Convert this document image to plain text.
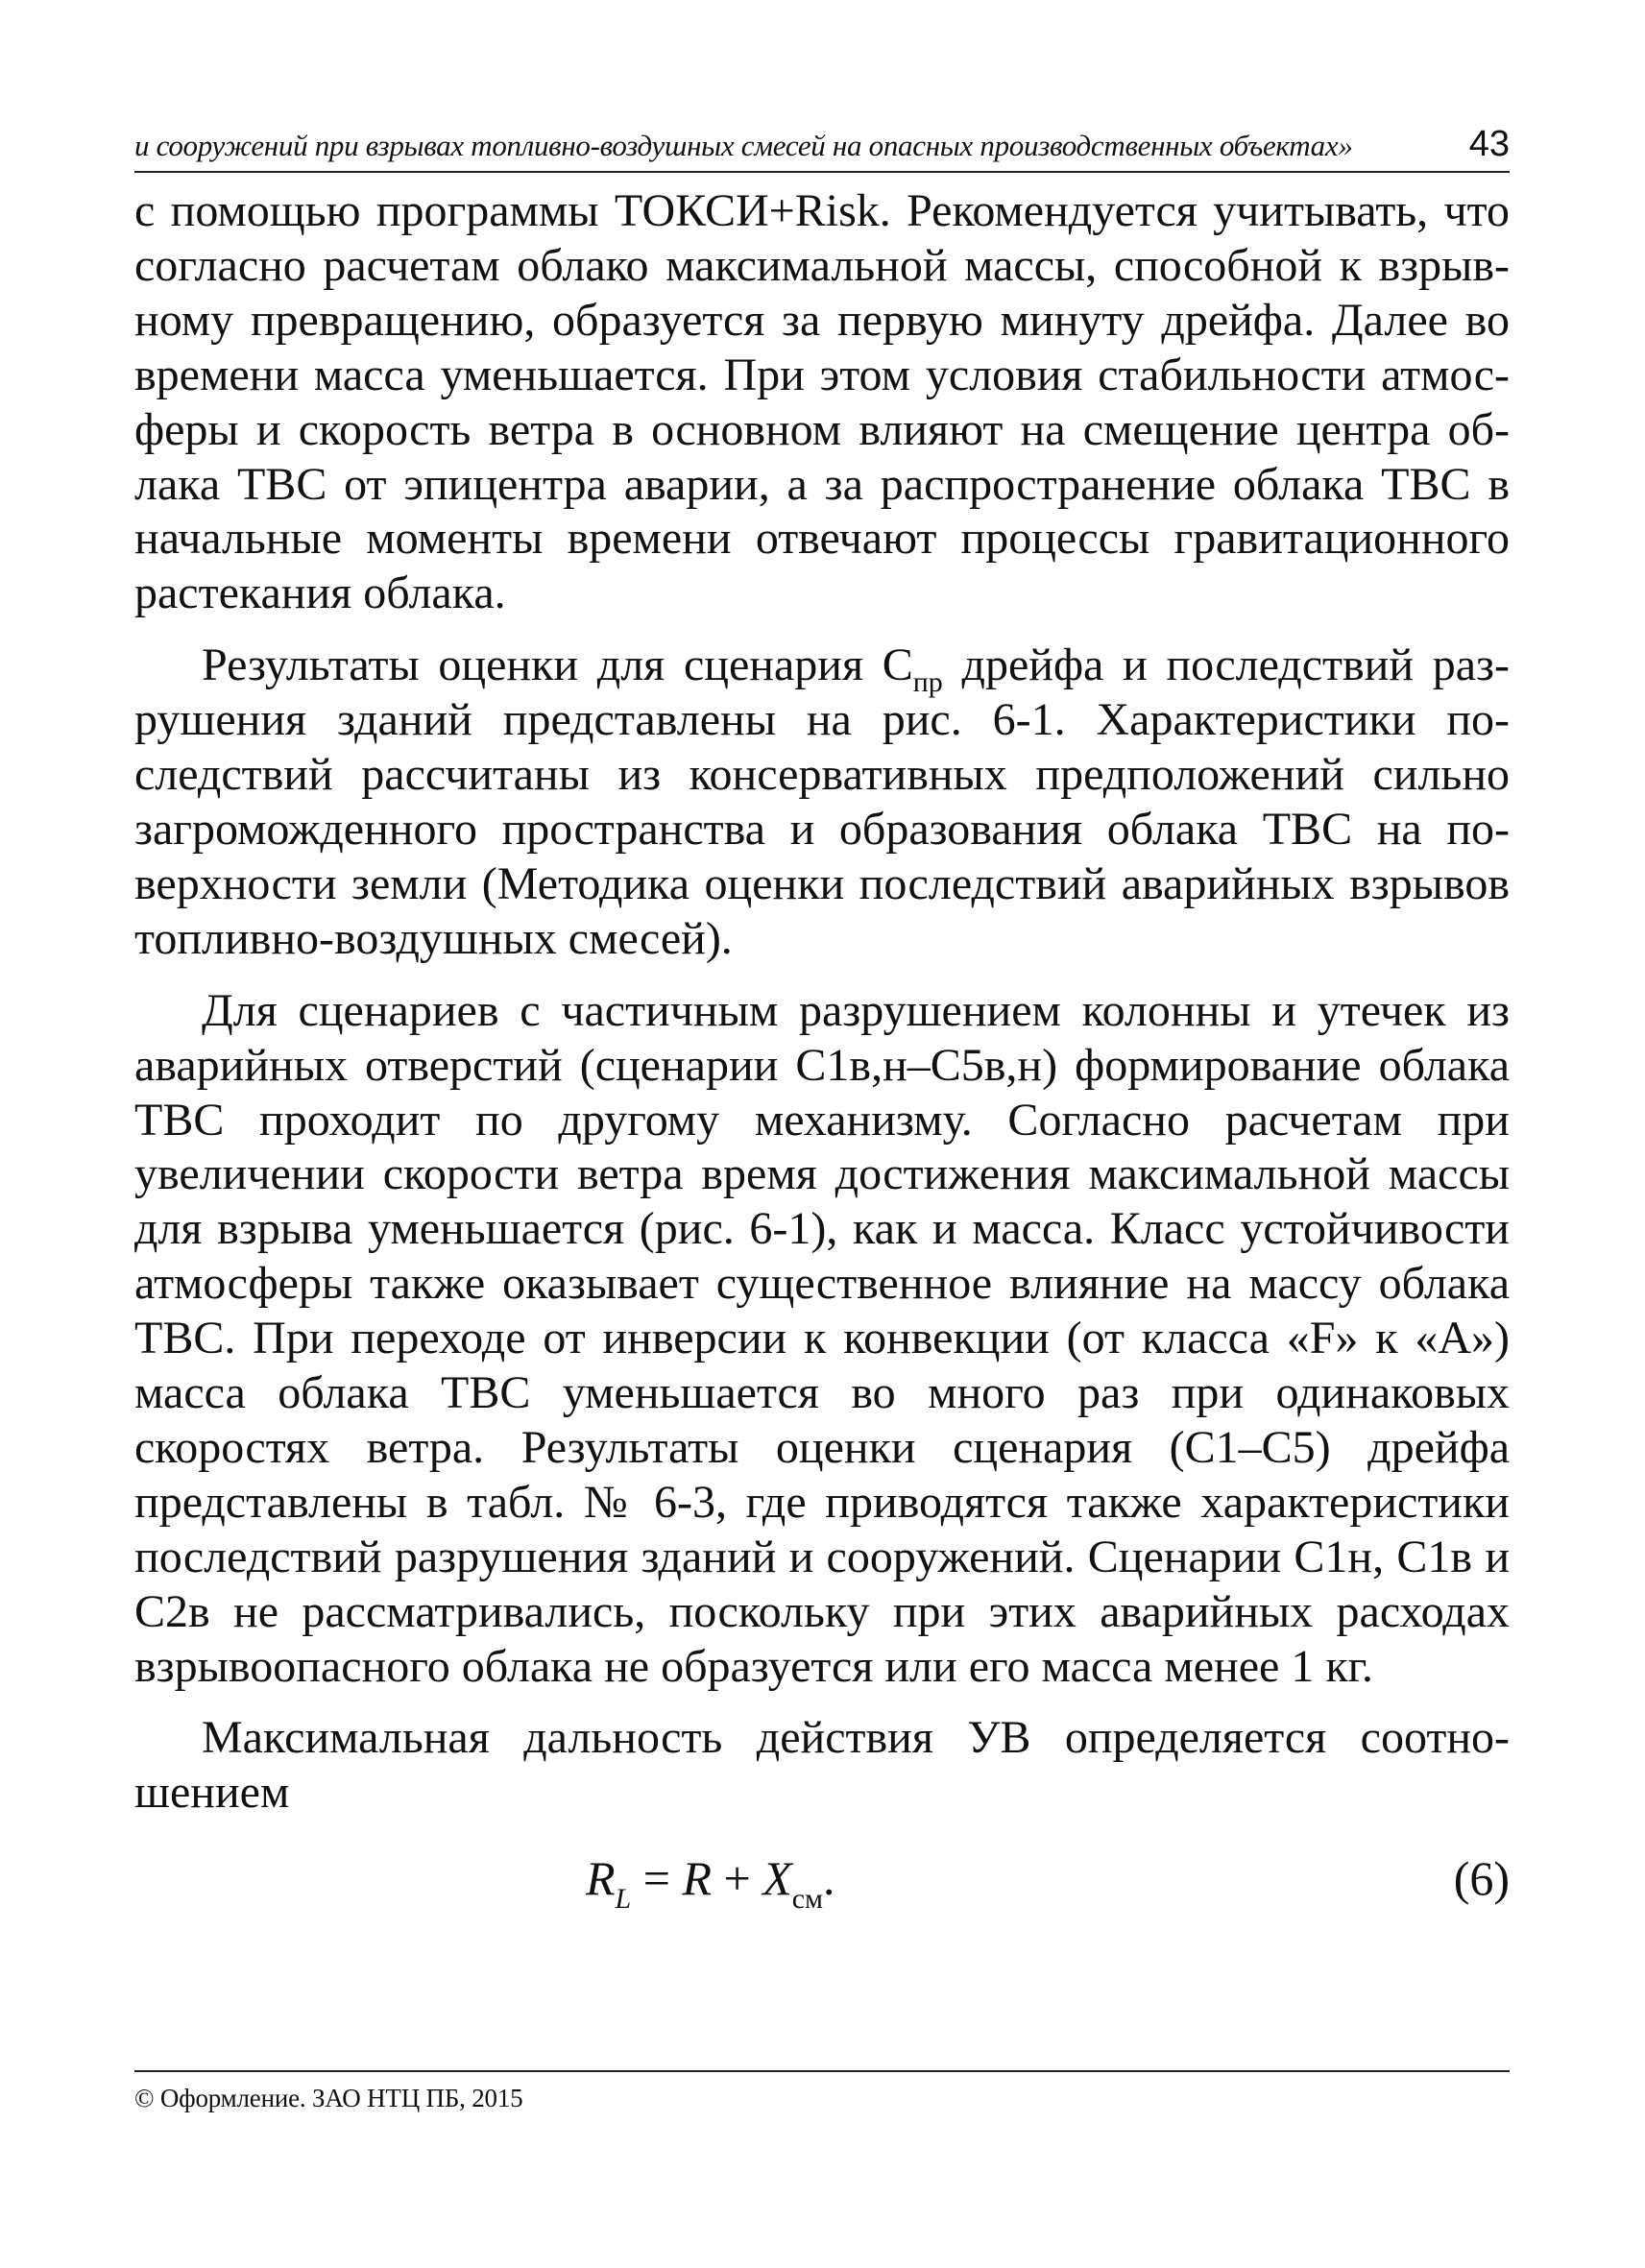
и сооружений при взрывах топливно-воздушных смесей на опасных производственных объектах»	43

с помощью программы ТОКСИ+Risk. Рекомендуется учитывать, что согласно расчетам облако максимальной массы, способной к взрывному превращению, образуется за первую минуту дрейфа. Далее во времени масса уменьшается. При этом условия стабильности атмосферы и скорость ветра в основном влияют на смещение центра облака ТВС от эпицентра аварии, а за распространение облака ТВС в начальные моменты времени отвечают процессы гравитационного растекания облака.

Результаты оценки для сценария $С_{пр}$ дрейфа и последствий разрушения зданий представлены на рис. 6-1. Характеристики последствий рассчитаны из консервативных предположений сильно загроможденного пространства и образования облака ТВС на поверхности земли (Методика оценки последствий аварийных взрывов топливно-воздушных смесей).

Для сценариев с частичным разрушением колонны и утечек из аварийных отверстий (сценарии С1в,н–С5в,н) формирование облака ТВС проходит по другому механизму. Согласно расчетам при увеличении скорости ветра время достижения максимальной массы для взрыва уменьшается (рис. 6-1), как и масса. Класс устойчивости атмосферы также оказывает существенное влияние на массу облака ТВС. При переходе от инверсии к конвекции (от класса «F» к «А») масса облака ТВС уменьшается во много раз при одинаковых скоростях ветра. Результаты оценки сценария (С1–С5) дрейфа представлены в табл. № 6-3, где приводятся также характеристики последствий разрушения зданий и сооружений. Сценарии С1н, С1в и С2в не рассматривались, поскольку при этих аварийных расходах взрывоопасного облака не образуется или его масса менее 1 кг.

Максимальная дальность действия УВ определяется соотношением

$R_L = R + X_{см}$.	(6)
© Оформление. ЗАО НТЦ ПБ, 2015
